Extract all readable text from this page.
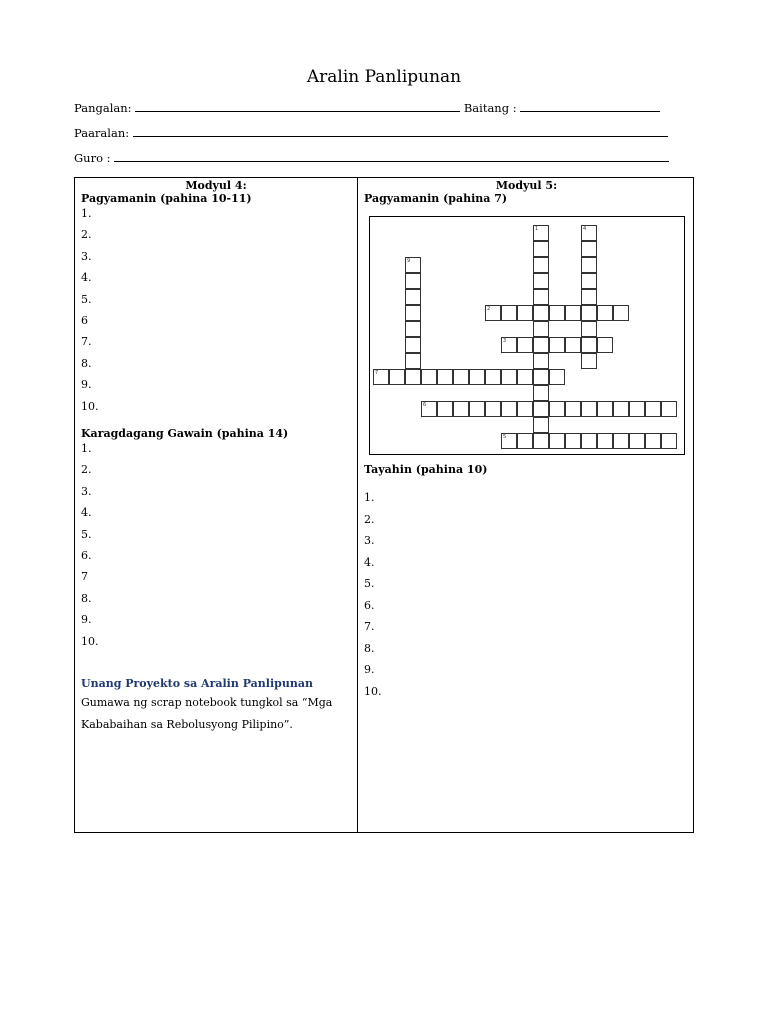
Aralin Panlipunan
Pangalan:	Baitang :
Paaralan:
Guro :
Modyul 4:
Pagyamanin (pahina 10-11)
1.
2.
3.
4.
5.
6
7.
8.
9.
10.
Karagdagang Gawain (pahina 14)
1.
2.
3.
4.
5.
6.
7
8.
9.
10.
Unang Proyekto sa Aralin Panlipunan
Gumawa ng scrap notebook tungkol sa “Mga Kababaihan sa Rebolusyong Pilipino”.
Modyul 5:
Pagyamanin (pahina 7)
Tayahin (pahina 10)
1.
2.
3.
4.
5.
6.
7.
8.
9.
10.
1	4
9
2
3
7
6
5
